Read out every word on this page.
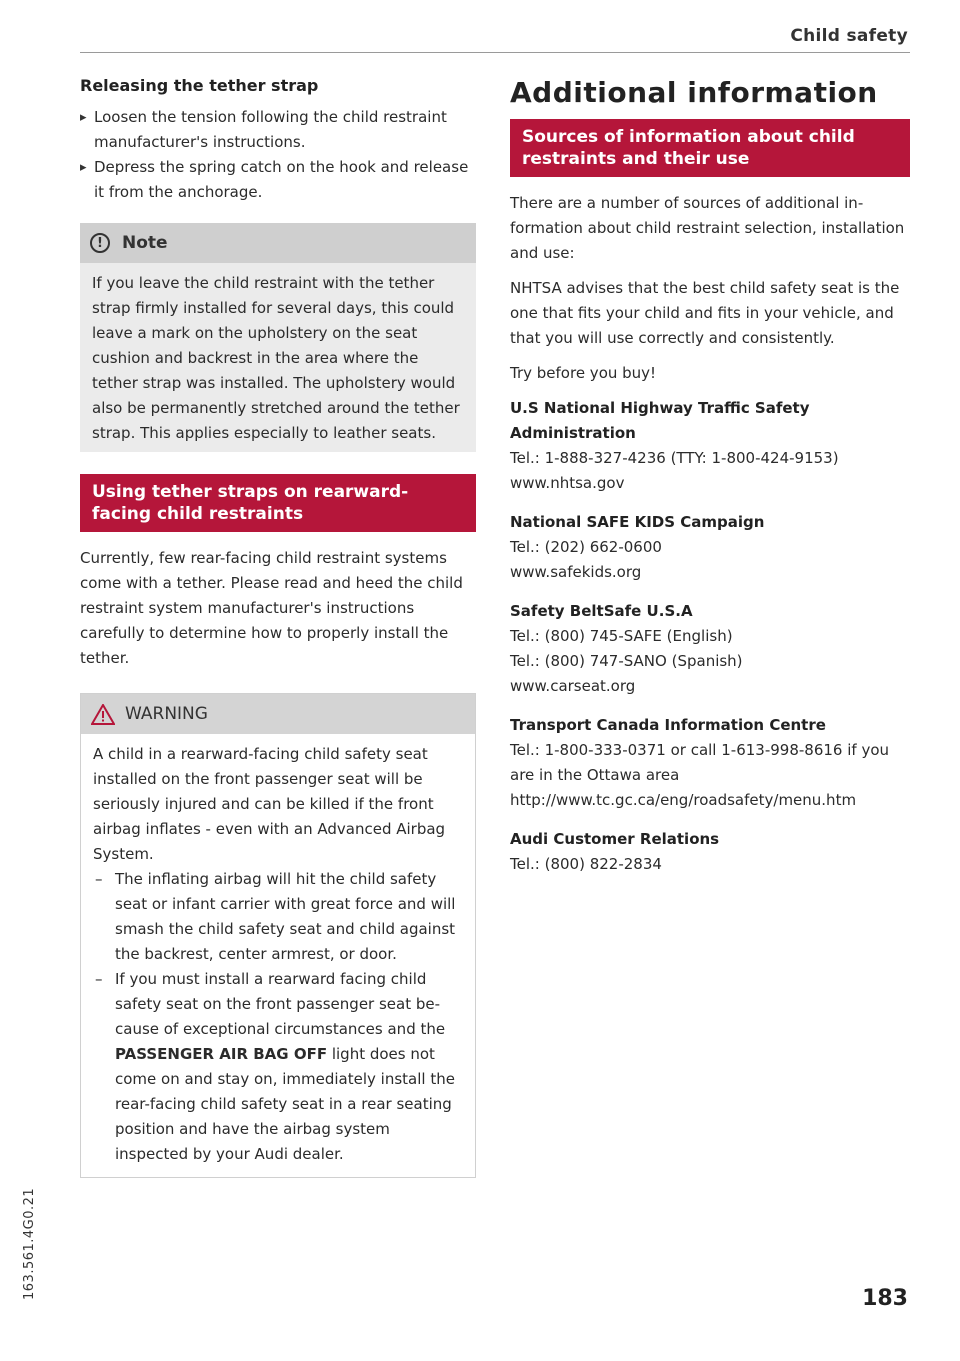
Child safety
Releasing the tether strap
▸ Loosen the tension following the child restraint manufacturer's instructions.
▸ Depress the spring catch on the hook and release it from the anchorage.
!	Note

If you leave the child restraint with the tether strap firmly installed for several days, this could leave a mark on the upholstery on the seat cushion and backrest in the area where the tether strap was installed. The upholstery would also be permanently stretched around the tether strap. This applies especially to leather seats.

Using tether straps on rearward-facing child restraints

Currently, few rear-facing child restraint systems come with a tether. Please read and heed the child restraint system manufacturer's instructions carefully to determine how to properly install the tether.

WARNING

A child in a rearward-facing child safety seat installed on the front passenger seat will be seriously injured and can be killed if the front airbag inflates - even with an Advanced Airbag System.

– The inflating airbag will hit the child safety seat or infant carrier with great force and will smash the child safety seat and child against the backrest, center armrest, or door.
– If you must install a rearward facing child safety seat on the front passenger seat because of exceptional circumstances and the PASSENGER AIR BAG OFF light does not come on and stay on, immediately install the rear-facing child safety seat in a rear seating position and have the airbag system inspected by your Audi dealer.
Additional information
Sources of information about child restraints and their use

There are a number of sources of additional information about child restraint selection, installation and use:

NHTSA advises that the best child safety seat is the one that fits your child and fits in your vehicle, and that you will use correctly and consistently.

Try before you buy!

U.S National Highway Traffic Safety Administration
Tel.: 1-888-327-4236 (TTY: 1-800-424-9153)
www.nhtsa.gov
National SAFE KIDS Campaign
Tel.: (202) 662-0600
www.safekids.org
Safety BeltSafe U.S.A
Tel.: (800) 745-SAFE (English)
Tel.: (800) 747-SANO (Spanish)
www.carseat.org
Transport Canada Information Centre
Tel.: 1-800-333-0371 or call 1-613-998-8616 if you are in the Ottawa area
http://www.tc.gc.ca/eng/roadsafety/menu.htm
Audi Customer Relations
Tel.: (800) 822-2834
163.561.4G0.21	183
